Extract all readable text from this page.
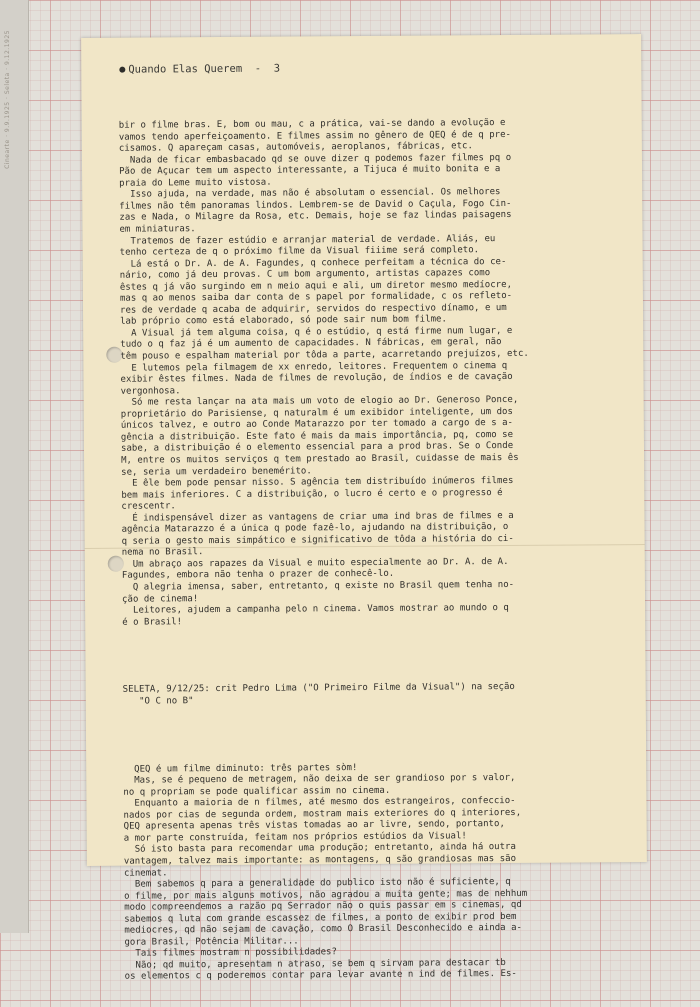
Cinearte · 9.9.1925 · Seleta · 9.12.1925	Quando Elas Querem  -  3

bir o filme bras. E, bom ou mau, c a prática, vai-se dando a evolução e
vamos tendo aperfeiçoamento. E filmes assim no gênero de QEQ é de q pre-
cisamos. Q apareçam casas, automóveis, aeroplanos, fábricas, etc.
Nada de ficar embasbacado qd se ouve dizer q podemos fazer filmes pq o
Pão de Açucar tem um aspecto interessante, a Tijuca é muito bonita e a
praia do Leme muito vistosa.
Isso ajuda, na verdade, mas não é absolutam o essencial. Os melhores
filmes não têm panoramas lindos. Lembrem-se de David o Caçula, Fogo Cin-
zas e Nada, o Milagre da Rosa, etc. Demais, hoje se faz lindas paisagens
em miniaturas.
Tratemos de fazer estúdio e arranjar material de verdade. Aliás, eu
tenho certeza de q o próximo filme da Visual fiiime será completo.
Lá está o Dr. A. de A. Fagundes, q conhece perfeitam a técnica do ce-
nário, como já deu provas. C um bom argumento, artistas capazes como
êstes q já vão surgindo em n meio aqui e ali, um diretor mesmo medíocre,
mas q ao menos saiba dar conta de s papel por formalidade, c os refleto-
res de verdade q acaba de adquirir, servidos do respectivo dínamo, e um
lab próprio como está elaborado, só pode sair num bom filme.
A Visual já tem alguma coisa, q é o estúdio, q está firme num lugar, e
tudo o q faz já é um aumento de capacidades. N fábricas, em geral, não
têm pouso e espalham material por tôda a parte, acarretando prejuízos, etc.
E lutemos pela filmagem de xx enredo, leitores. Frequentem o cinema q
exibir êstes filmes. Nada de filmes de revolução, de índios e de cavação
vergonhosa.
Só me resta lançar na ata mais um voto de elogio ao Dr. Generoso Ponce,
proprietário do Parisiense, q naturalm é um exibidor inteligente, um dos
únicos talvez, e outro ao Conde Matarazzo por ter tomado a cargo de s a-
gência a distribuição. Este fato é mais da mais importância, pq, como se
sabe, a distribuição é o elemento essencial para a prod bras. Se o Conde
M, entre os muitos serviços q tem prestado ao Brasil, cuidasse de mais ês
se, seria um verdadeiro benemérito.
E êle bem pode pensar nisso. S agência tem distribuído inúmeros filmes
bem mais inferiores. C a distribuição, o lucro é certo e o progresso é
crescentr.
É indispensável dizer as vantagens de criar uma ind bras de filmes e a
agência Matarazzo é a única q pode fazê-lo, ajudando na distribuição, o
q seria o gesto mais simpático e significativo de tôda a história do ci-
nema no Brasil.
Um abraço aos rapazes da Visual e muito especialmente ao Dr. A. de A.
Fagundes, embora não tenha o prazer de conhecê-lo.
Q alegria imensa, saber, entretanto, q existe no Brasil quem tenha no-
ção de cinema!
Leitores, ajudem a campanha pelo n cinema. Vamos mostrar ao mundo o q
é o Brasil!

SELETA, 9/12/25: crit Pedro Lima ("O Primeiro Filme da Visual") na seção
"O C no B"

QEQ é um filme diminuto: três partes sòm!
Mas, se é pequeno de metragem, não deixa de ser grandioso por s valor,
no q propriam se pode qualificar assim no cinema.
Enquanto a maioria de n filmes, até mesmo dos estrangeiros, confeccio-
nados por cias de segunda ordem, mostram mais exteriores do q interiores,
QEQ apresenta apenas três vistas tomadas ao ar livre, sendo, portanto,
a mor parte construída, feitam nos próprios estúdios da Visual!
Só isto basta para recomendar uma produção; entretanto, ainda há outra
vantagem, talvez mais importante: as montagens, q são grandiosas mas são
cinemat.
Bem sabemos q para a generalidade do publico isto não é suficiente, q
o filme, por mais alguns motivos, não agradou a muita gente; mas de nehhum
modo compreendemos a razão pq Serrador não o quis passar em s cinemas, qd
sabemos q luta com grande escassez de filmes, a ponto de exibir prod bem
mediocres, qd não sejam de cavação, como O Brasil Desconhecido e ainda a-
gora Brasil, Potência Militar...
Tais filmes mostram n possibilidades?
Não; qd muito, apresentam n atraso, se bem q sirvam para destacar tb
os elementos c q poderemos contar para levar avante n ind de filmes. Es-
